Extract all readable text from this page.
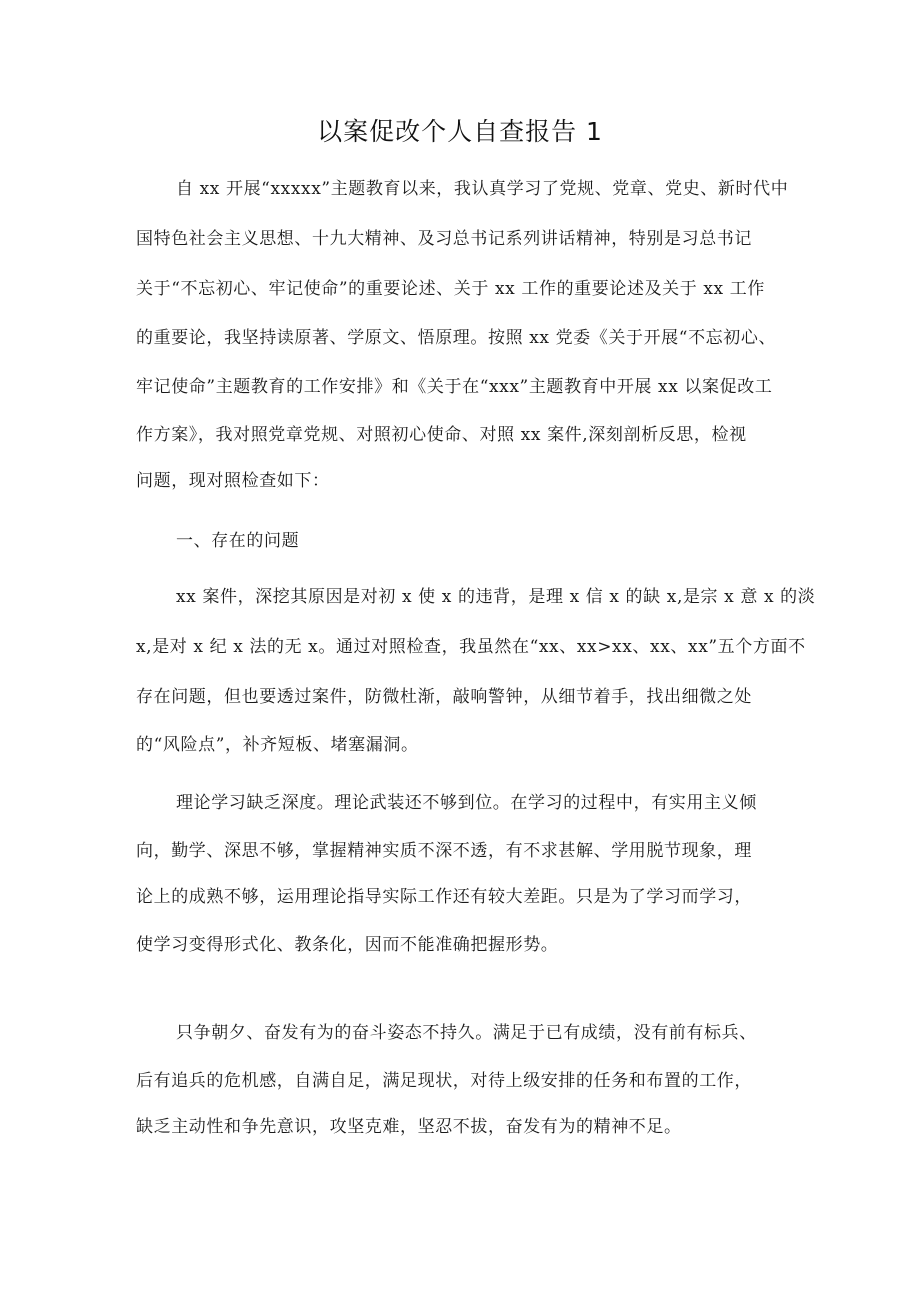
以案促改个人自查报告 1
自 xx 开展“xxxxx”主题教育以来，我认真学习了党规、党章、党史、新时代中
国特色社会主义思想、十九大精神、及习总书记系列讲话精神，特别是习总书记
关于“不忘初心、牢记使命”的重要论述、关于 xx 工作的重要论述及关于 xx 工作
的重要论，我坚持读原著、学原文、悟原理。按照 xx 党委《关于开展“不忘初心、
牢记使命”主题教育的工作安排》和《关于在“xxx”主题教育中开展 xx 以案促改工
作方案》，我对照党章党规、对照初心使命、对照 xx 案件,深刻剖析反思，检视
问题，现对照检查如下：
一、存在的问题
xx 案件，深挖其原因是对初 x 使 x 的违背，是理 x 信 x 的缺 x,是宗 x 意 x 的淡
x,是对 x 纪 x 法的无 x。通过对照检查，我虽然在“xx、xx>xx、xx、xx”五个方面不
存在问题，但也要透过案件，防微杜渐，敲响警钟，从细节着手，找出细微之处
的“风险点”，补齐短板、堵塞漏洞。
理论学习缺乏深度。理论武装还不够到位。在学习的过程中，有实用主义倾
向，勤学、深思不够，掌握精神实质不深不透，有不求甚解、学用脱节现象，理
论上的成熟不够，运用理论指导实际工作还有较大差距。只是为了学习而学习，
使学习变得形式化、教条化，因而不能准确把握形势。
只争朝夕、奋发有为的奋斗姿态不持久。满足于已有成绩，没有前有标兵、
后有追兵的危机感，自满自足，满足现状，对待上级安排的任务和布置的工作，
缺乏主动性和争先意识，攻坚克难，坚忍不拔，奋发有为的精神不足。
